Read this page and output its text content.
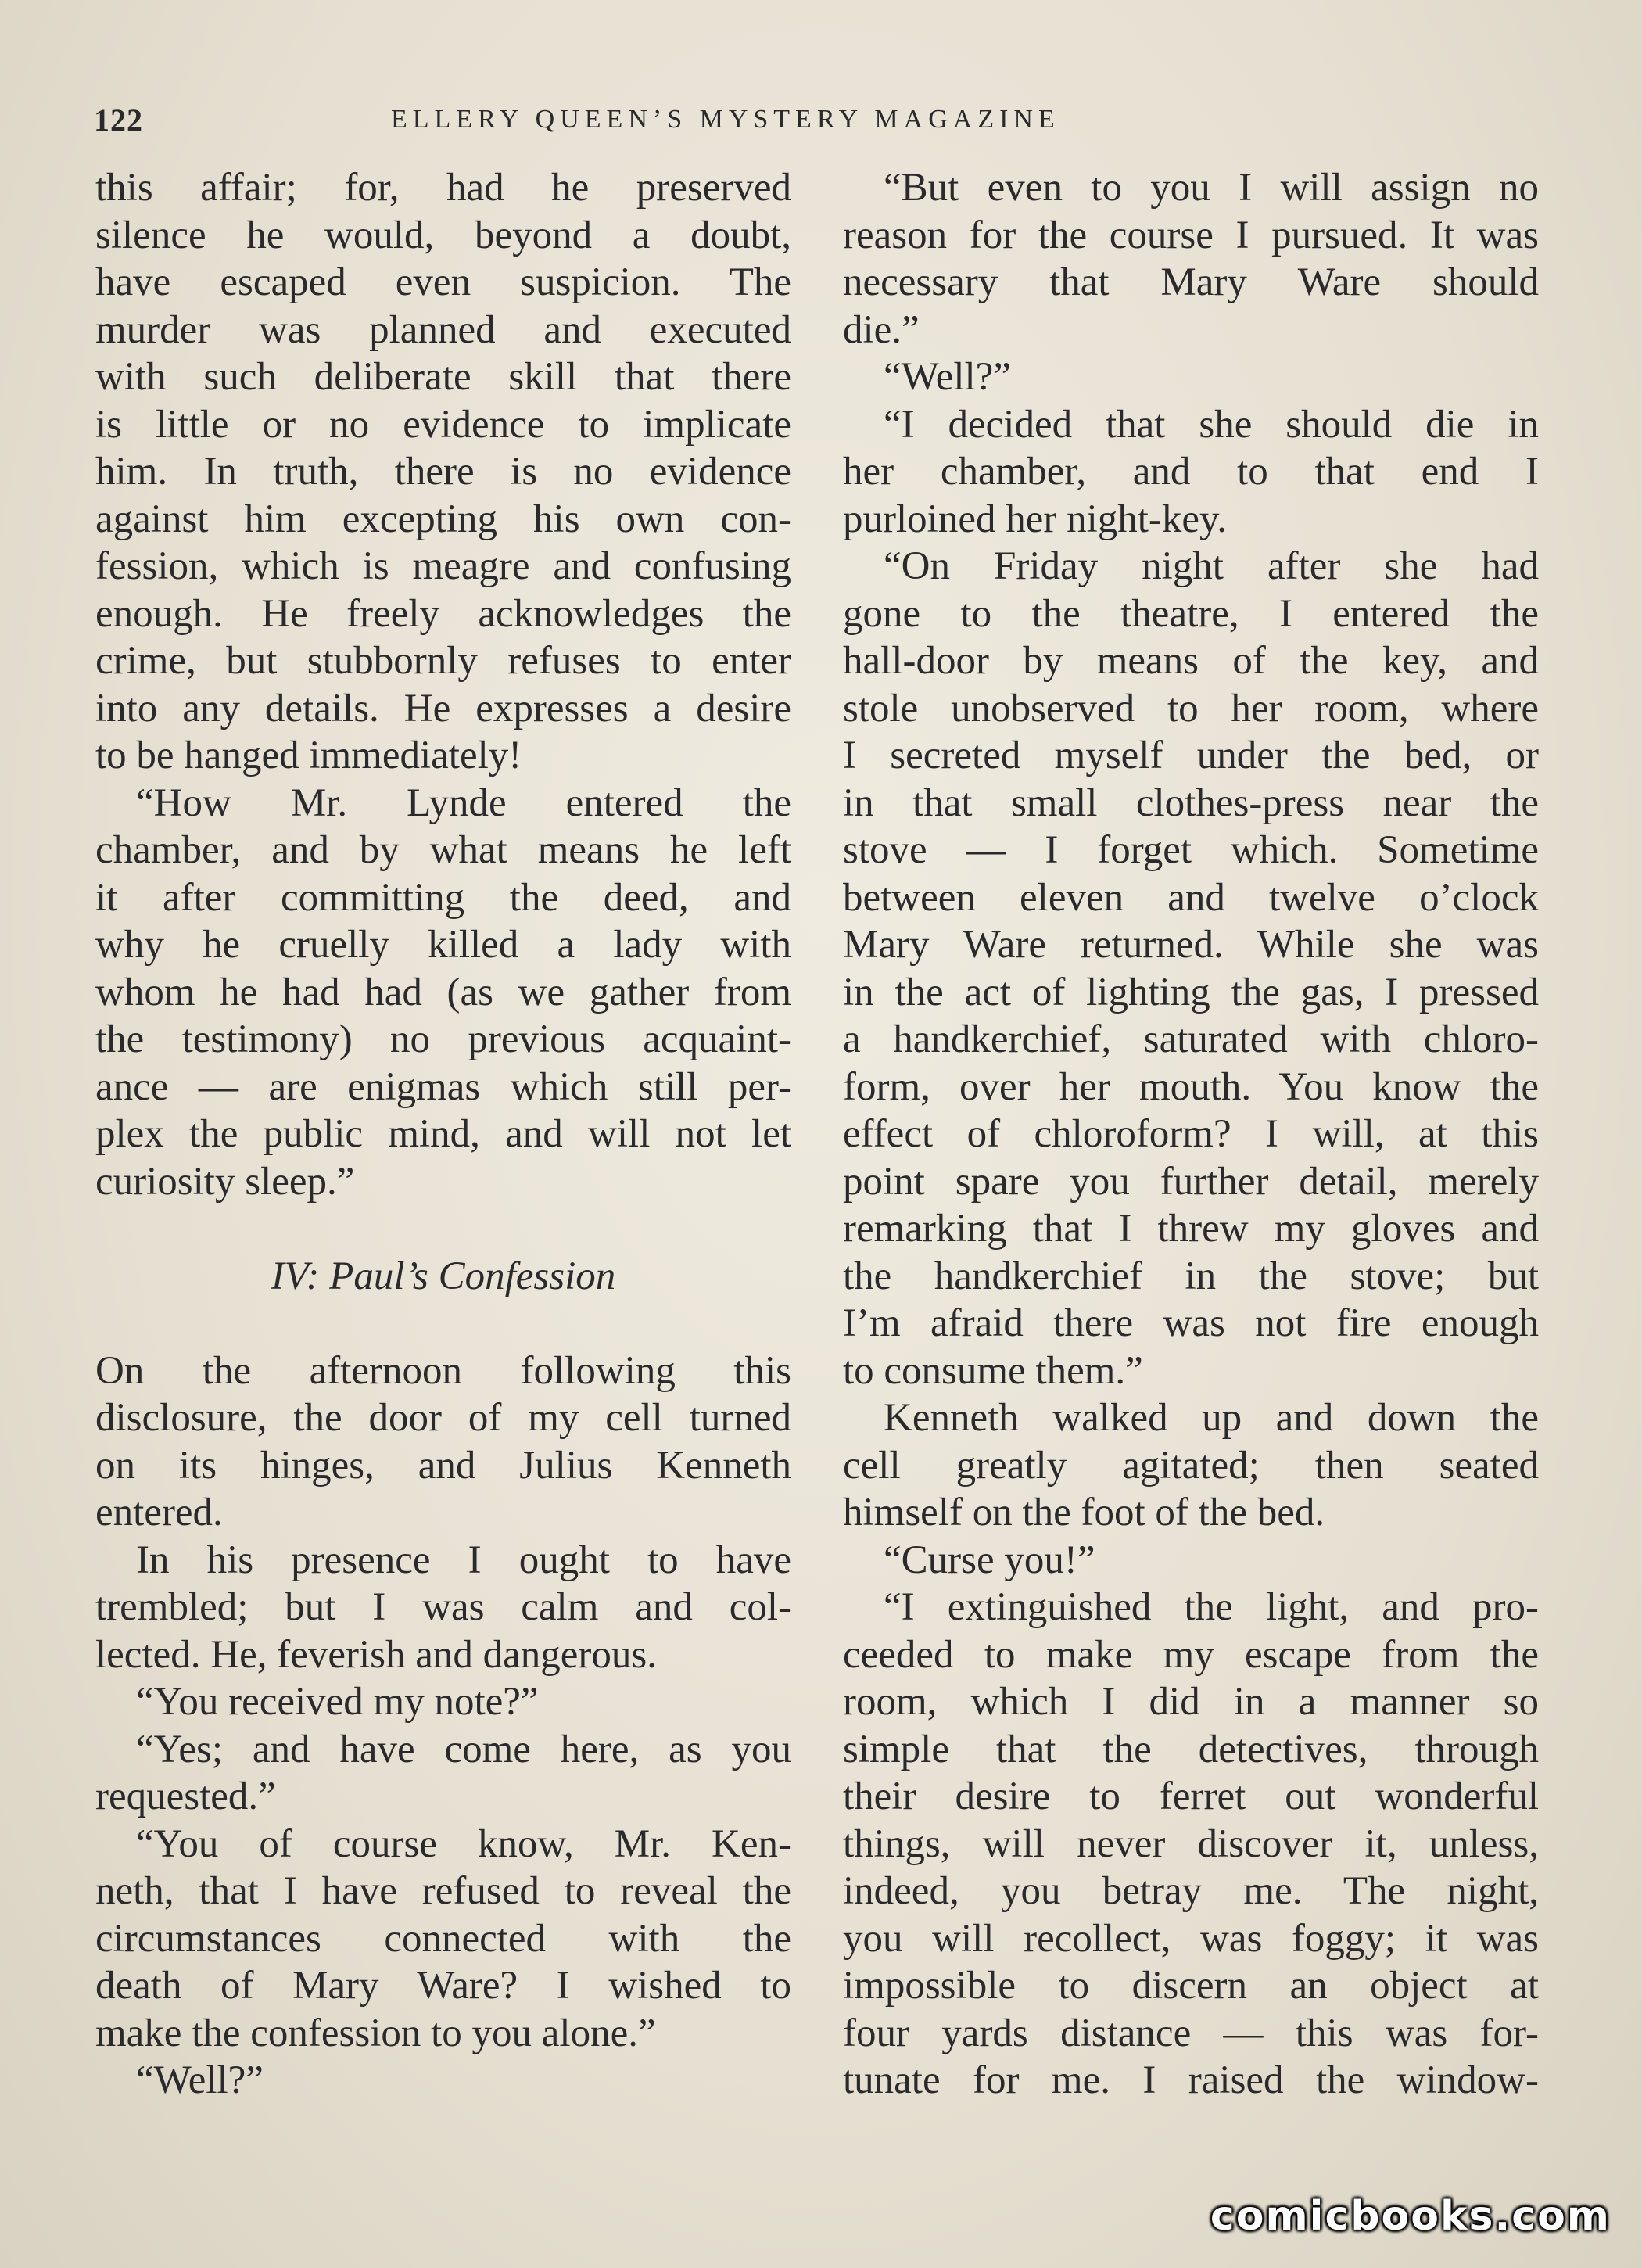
122	ELLERY QUEEN’S MYSTERY MAGAZINE
this affair; for, had he preserved
silence he would, beyond a doubt,
have escaped even suspicion. The
murder was planned and executed
with such deliberate skill that there
is little or no evidence to implicate
him. In truth, there is no evidence
against him excepting his own con-
fession, which is meagre and confusing
enough. He freely acknowledges the
crime, but stubbornly refuses to enter
into any details. He expresses a desire
to be hanged immediately!
“How Mr. Lynde entered the
chamber, and by what means he left
it after committing the deed, and
why he cruelly killed a lady with
whom he had had (as we gather from
the testimony) no previous acquaint-
ance — are enigmas which still per-
plex the public mind, and will not let
curiosity sleep.”
IV: Paul’s Confession
On the afternoon following this
disclosure, the door of my cell turned
on its hinges, and Julius Kenneth
entered.
In his presence I ought to have
trembled; but I was calm and col-
lected. He, feverish and dangerous.
“You received my note?”
“Yes; and have come here, as you
requested.”
“You of course know, Mr. Ken-
neth, that I have refused to reveal the
circumstances connected with the
death of Mary Ware? I wished to
make the confession to you alone.”
“Well?”
“But even to you I will assign no
reason for the course I pursued. It was
necessary that Mary Ware should
die.”
“Well?”
“I decided that she should die in
her chamber, and to that end I
purloined her night-key.
“On Friday night after she had
gone to the theatre, I entered the
hall-door by means of the key, and
stole unobserved to her room, where
I secreted myself under the bed, or
in that small clothes-press near the
stove — I forget which. Sometime
between eleven and twelve o’clock
Mary Ware returned. While she was
in the act of lighting the gas, I pressed
a handkerchief, saturated with chloro-
form, over her mouth. You know the
effect of chloroform? I will, at this
point spare you further detail, merely
remarking that I threw my gloves and
the handkerchief in the stove; but
I’m afraid there was not fire enough
to consume them.”
Kenneth walked up and down the
cell greatly agitated; then seated
himself on the foot of the bed.
“Curse you!”
“I extinguished the light, and pro-
ceeded to make my escape from the
room, which I did in a manner so
simple that the detectives, through
their desire to ferret out wonderful
things, will never discover it, unless,
indeed, you betray me. The night,
you will recollect, was foggy; it was
impossible to discern an object at
four yards distance — this was for-
tunate for me. I raised the window-
comicbooks.com
